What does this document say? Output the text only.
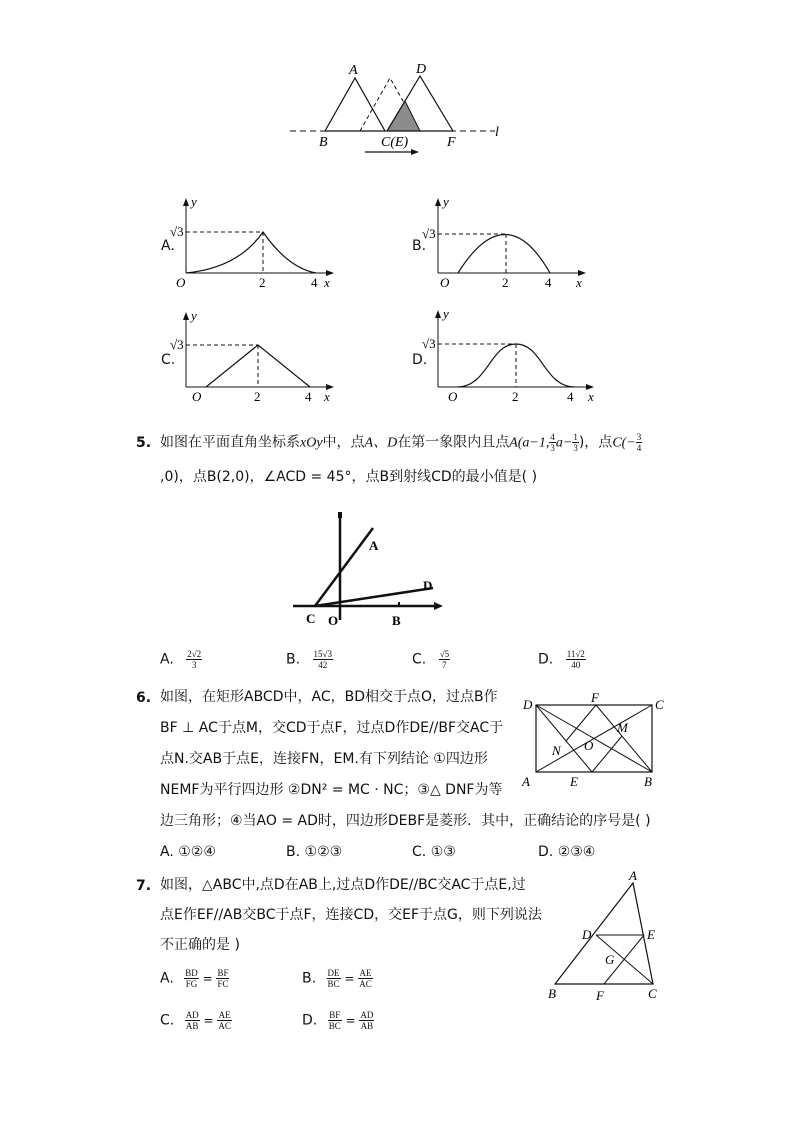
A	D
B	C(E)	F
l
A.
y
√3
O	2	4 x
B.
y
√3
O	2	4 x
C.
y
√3
O	2	4 x
D.
y
√3
O	2	4 x
5. 如图在平面直角坐标系xOy中，点A、D在第一象限内且点A(a−1, $\frac{4}{3} a- \frac{1}{3}$ )，点$C(- \frac{3}{4}$
,0)，点B(2,0)，∠ACD = 45°，点B到射线CD的最小值是( )
A
D
C O	B
A. $\frac{2√2}{3}$	B. $\frac{15√3}{42}$	C. $\frac{√5}{7}$	D. $\frac{11√2}{40}$
6. 如图，在矩形ABCD中，AC，BD相交于点O，过点B作
BF ⊥ AC于点M，交CD于点F，过点D作DE//BF交AC于
点N.交AB于点E，连接FN，EM.有下列结论 ①四边形
NEMF为平行四边形 ②DN² = MC · NC；③△ DNF为等
边三角形；④当AO = AD时，四边形DEBF是菱形．其中，正确结论的序号是( )
D	F	C
M
N O
A	E	B
A. ①②④	B. ①②③	C. ①③	D. ②③④
7. 如图，△ABC中,点D在AB上,过点D作DE//BC交AC于点E,过
点E作EF//AB交BC于点F，连接CD，交EF于点G，则下列说法
不正确的是 )
A
D	E
G
B	F	C
A. $\frac{BD}{FG} = \frac{BF}{FC}$	B. $\frac{DE}{BC} = \frac{AE}{AC}$
C. $\frac{AD}{AB} = \frac{AE}{AC}$	D. $\frac{BF}{BC} = \frac{AD}{AB}$
